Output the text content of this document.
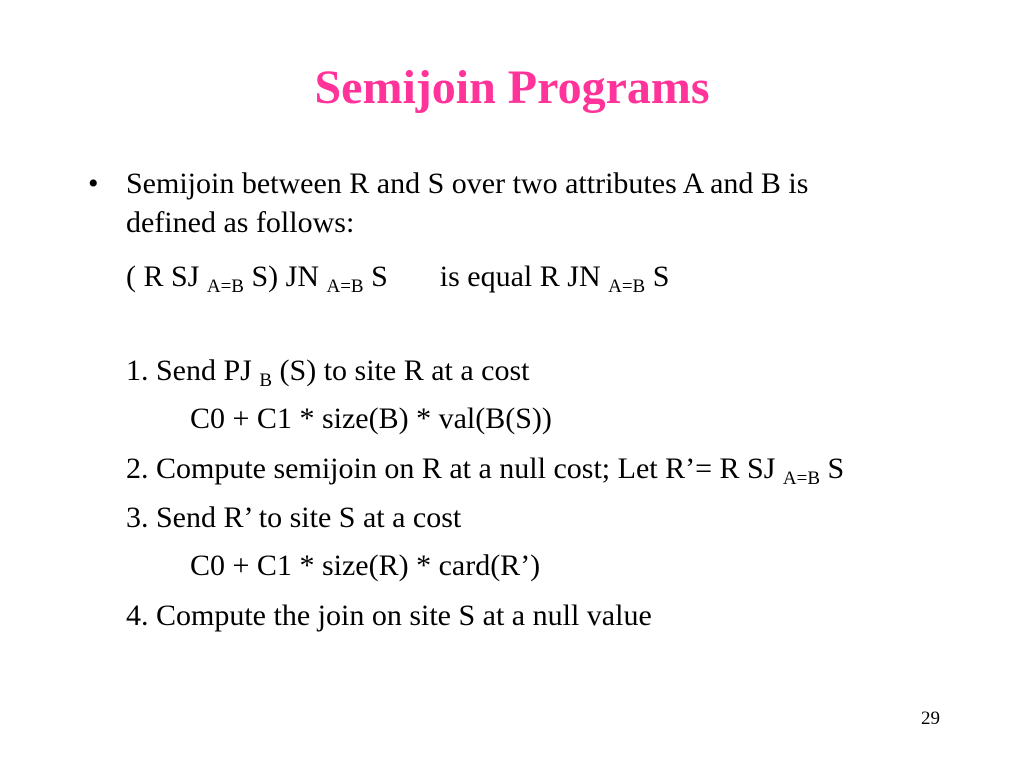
Semijoin Programs
• Semijoin between R and S over two attributes A and B is
defined as follows:
( R SJ $_{A=B}$ S) JN $_{A=B}$ S is equal R JN $_{A=B}$ S
1. Send PJ $_B$ (S) to site R at a cost
C0 + C1 * size(B) * val(B(S))
2. Compute semijoin on R at a null cost; Let R’= R SJ $_{A=B}$ S
3. Send R’ to site S at a cost
C0 + C1 * size(R) * card(R’)
4. Compute the join on site S at a null value
29
